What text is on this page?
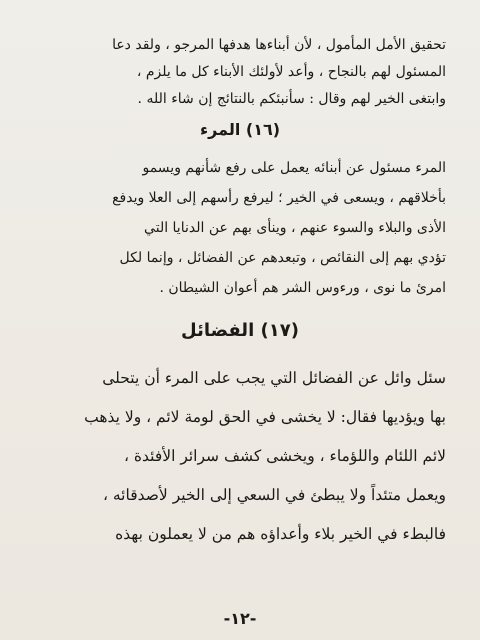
تحقيق الأمل المأمول ، لأن أبناءها هدفها المرجو ، ولقد دعا
المسئول لهم بالنجاح ، وأعد لأولئك الأبناء كل ما يلزم ،
وابتغى الخير لهم وقال : سأنبئكم بالنتائج إن شاء الله .
(١٦) المرء
المرء مسئول عن أبنائه يعمل على رفع شأنهم ويسمو
بأخلاقهم ، ويسعى في الخير ؛ ليرفع رأسهم إلى العلا ويدفع
الأذى والبلاء والسوء عنهم ، وينأى بهم عن الدنايا التي
تؤدي بهم إلى النقائص ، وتبعدهم عن الفضائل ، وإنما لكل
امرئ ما نوى ، ورءوس الشر هم أعوان الشيطان .
(١٧) الفضائل
سئل وائل عن الفضائل التي يجب على المرء أن يتحلى
بها ويؤديها فقال: لا يخشى في الحق لومة لائم ، ولا يذهب
لائم اللئام واللؤماء ، ويخشى كشف سرائر الأفئدة ،
ويعمل متئداً ولا يبطئ في السعي إلى الخير لأصدقائه ،
فالبطء في الخير بلاء وأعداؤه هم من لا يعملون بهذه
-١٢-
